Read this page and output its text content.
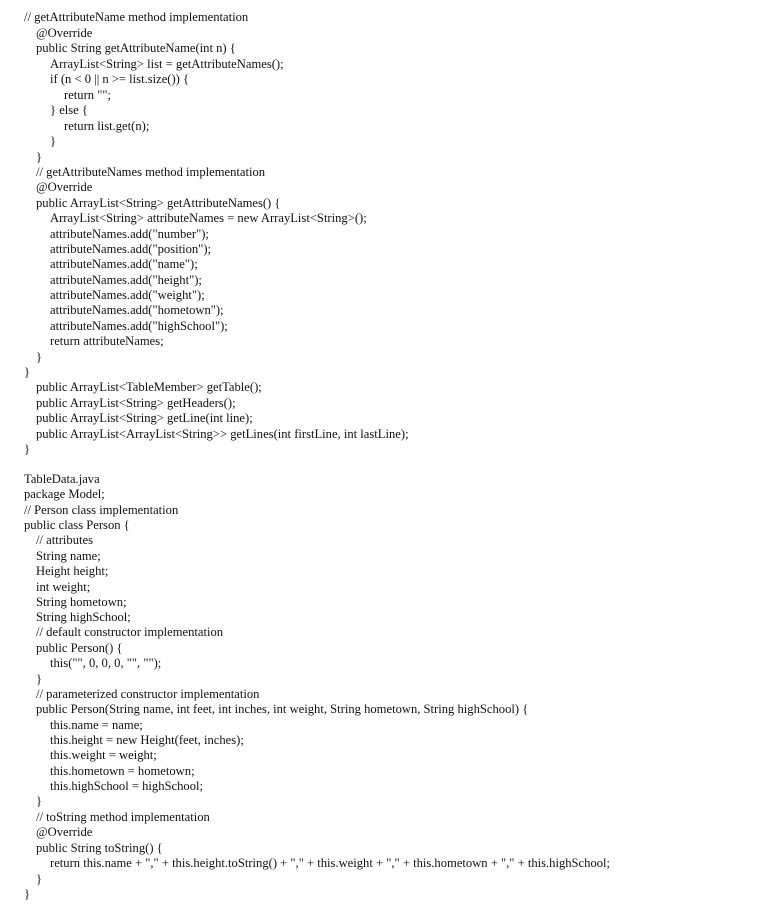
// getAttributeName method implementation
@Override
public String getAttributeName(int n) {
ArrayList<String> list = getAttributeNames();
if (n < 0 || n >= list.size()) {
return "";
} else {
return list.get(n);
}
}
// getAttributeNames method implementation
@Override
public ArrayList<String> getAttributeNames() {
ArrayList<String> attributeNames = new ArrayList<String>();
attributeNames.add("number");
attributeNames.add("position");
attributeNames.add("name");
attributeNames.add("height");
attributeNames.add("weight");
attributeNames.add("hometown");
attributeNames.add("highSchool");
return attributeNames;
}
}
public ArrayList<TableMember> getTable();
public ArrayList<String> getHeaders();
public ArrayList<String> getLine(int line);
public ArrayList<ArrayList<String>> getLines(int firstLine, int lastLine);
}
TableData.java
package Model;
// Person class implementation
public class Person {
// attributes
String name;
Height height;
int weight;
String hometown;
String highSchool;
// default constructor implementation
public Person() {
this("", 0, 0, 0, "", "");
}
// parameterized constructor implementation
public Person(String name, int feet, int inches, int weight, String hometown, String highSchool) {
this.name = name;
this.height = new Height(feet, inches);
this.weight = weight;
this.hometown = hometown;
this.highSchool = highSchool;
}
// toString method implementation
@Override
public String toString() {
return this.name + "," + this.height.toString() + "," + this.weight + "," + this.hometown + "," + this.highSchool;
}
}
